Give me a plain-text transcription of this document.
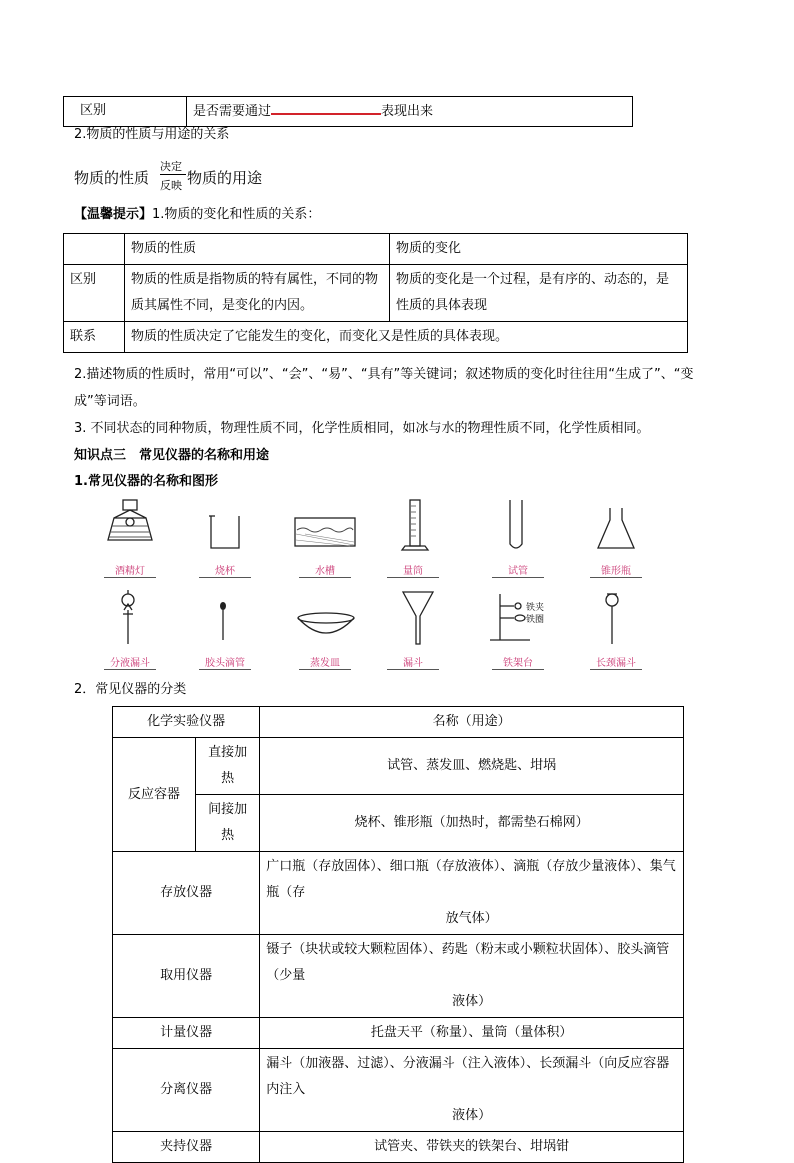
区别	是否需要通过	表现出来
2.物质的性质与用途的关系
物质的性质
决定
反映 物质的用途
【温馨提示】1.物质的变化和性质的关系：
	物质的性质	物质的变化
区别	物质的性质是指物质的特有属性，不同的物质其属性不同，是变化的内因。	物质的变化是一个过程，是有序的、动态的，是性质的具体表现
联系	物质的性质决定了它能发生的变化，而变化又是性质的具体表现。	
2.描述物质的性质时，常用“可以”、“会”、“易”、“具有”等关键词；叙述物质的变化时往往用“生成了”、“变
成”等词语。
3. 不同状态的同种物质，物理性质不同，化学性质相同，如冰与水的物理性质不同，化学性质相同。
知识点三　常见仪器的名称和用途
1.常见仪器的名称和图形
铁夹
铁圈
酒精灯	烧杯	水槽	量筒	试管	锥形瓶
分液漏斗	胶头滴管	蒸发皿	漏斗	铁架台	长颈漏斗
2．常见仪器的分类
化学实验仪器		名称（用途）
反应容器	直接加热	试管、蒸发皿、燃烧匙、坩埚
	间接加热	烧杯、锥形瓶（加热时，都需垫石棉网）
存放仪器		广口瓶（存放固体）、细口瓶（存放液体）、滴瓶（存放少量液体）、集气瓶（存
放气体）

取用仪器		镊子（块状或较大颗粒固体）、药匙（粉末或小颗粒状固体）、胶头滴管（少量
液体）

计量仪器		托盘天平（称量）、量筒（量体积）
分离仪器		漏斗（加液器、过滤）、分液漏斗（注入液体）、长颈漏斗（向反应容器内注入
液体）

夹持仪器		试管夹、带铁夹的铁架台、坩埚钳
